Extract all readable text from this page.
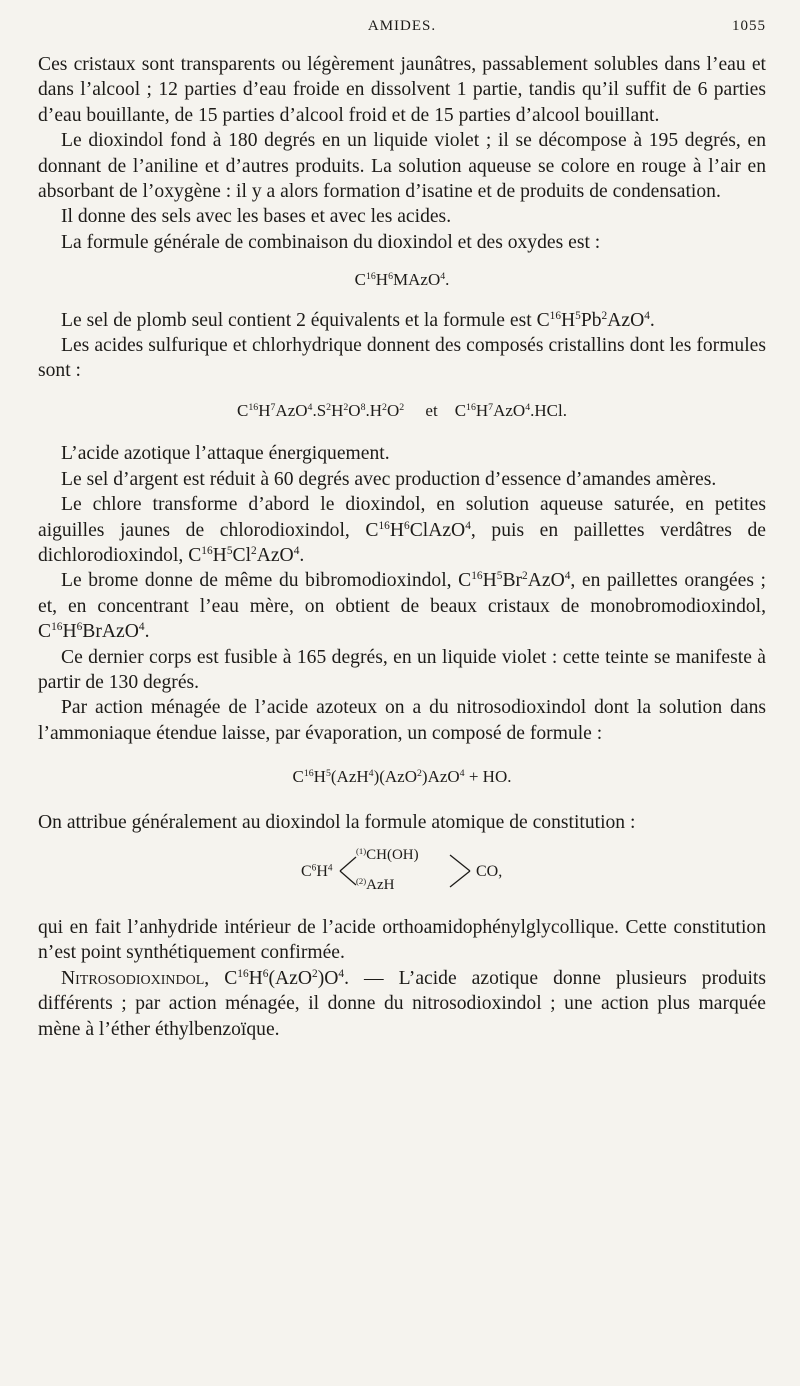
AMIDES.	1055

Ces cristaux sont transparents ou légèrement jaunâtres, passablement solubles dans l’eau et dans l’alcool ; 12 parties d’eau froide en dissolvent 1 partie, tandis qu’il suffit de 6 parties d’eau bouillante, de 15 parties d’alcool froid et de 15 parties d’alcool bouillant.

Le dioxindol fond à 180 degrés en un liquide violet ; il se décompose à 195 degrés, en donnant de l’aniline et d’autres produits. La solution aqueuse se colore en rouge à l’air en absorbant de l’oxygène : il y a alors formation d’isatine et de produits de condensation.

Il donne des sels avec les bases et avec les acides.

La formule générale de combinaison du dioxindol et des oxydes est :

$C^{16}H^6MAzO^4$.

Le sel de plomb seul contient 2 équivalents et la formule est $C^{16}H^5Pb^2AzO^4$.

Les acides sulfurique et chlorhydrique donnent des composés cristallins dont les formules sont :

$C^{16}H^7AzO^4.S^2H^2O^8.H^2O^2$ et $C^{16}H^7AzO^4.HCl$.

L’acide azotique l’attaque énergiquement.

Le sel d’argent est réduit à 60 degrés avec production d’essence d’amandes amères.

Le chlore transforme d’abord le dioxindol, en solution aqueuse saturée, en petites aiguilles jaunes de chlorodioxindol, $C^{16}H^6ClAzO^4$, puis en paillettes verdâtres de dichlorodioxindol, $C^{16}H^5Cl^2AzO^4$.

Le brome donne de même du bibromodioxindol, $C^{16}H^5Br^2AzO^4$, en paillettes orangées ; et, en concentrant l’eau mère, on obtient de beaux cristaux de monobromodioxindol, $C^{16}H^6BrAzO^4$.

Ce dernier corps est fusible à 165 degrés, en un liquide violet : cette teinte se manifeste à partir de 130 degrés.

Par action ménagée de l’acide azoteux on a du nitrosodioxindol dont la solution dans l’ammoniaque étendue laisse, par évaporation, un composé de formule :

$C^{16}H^5(AzH^4)(AzO^2)AzO^4$ + HO.

On attribue généralement au dioxindol la formule atomique de constitution :

$C^6H^4$
$^{(1)}$CH(OH)
$^{(2)}$AzH
CO,

qui en fait l’anhydride intérieur de l’acide orthoamidophénylglycollique. Cette constitution n’est point synthétiquement confirmée.

Nitrosodioxindol, $C^{16}H^6(AzO^2)O^4$. — L’acide azotique donne plusieurs produits différents ; par action ménagée, il donne du nitrosodioxindol ; une action plus marquée mène à l’éther éthylbenzoïque.
